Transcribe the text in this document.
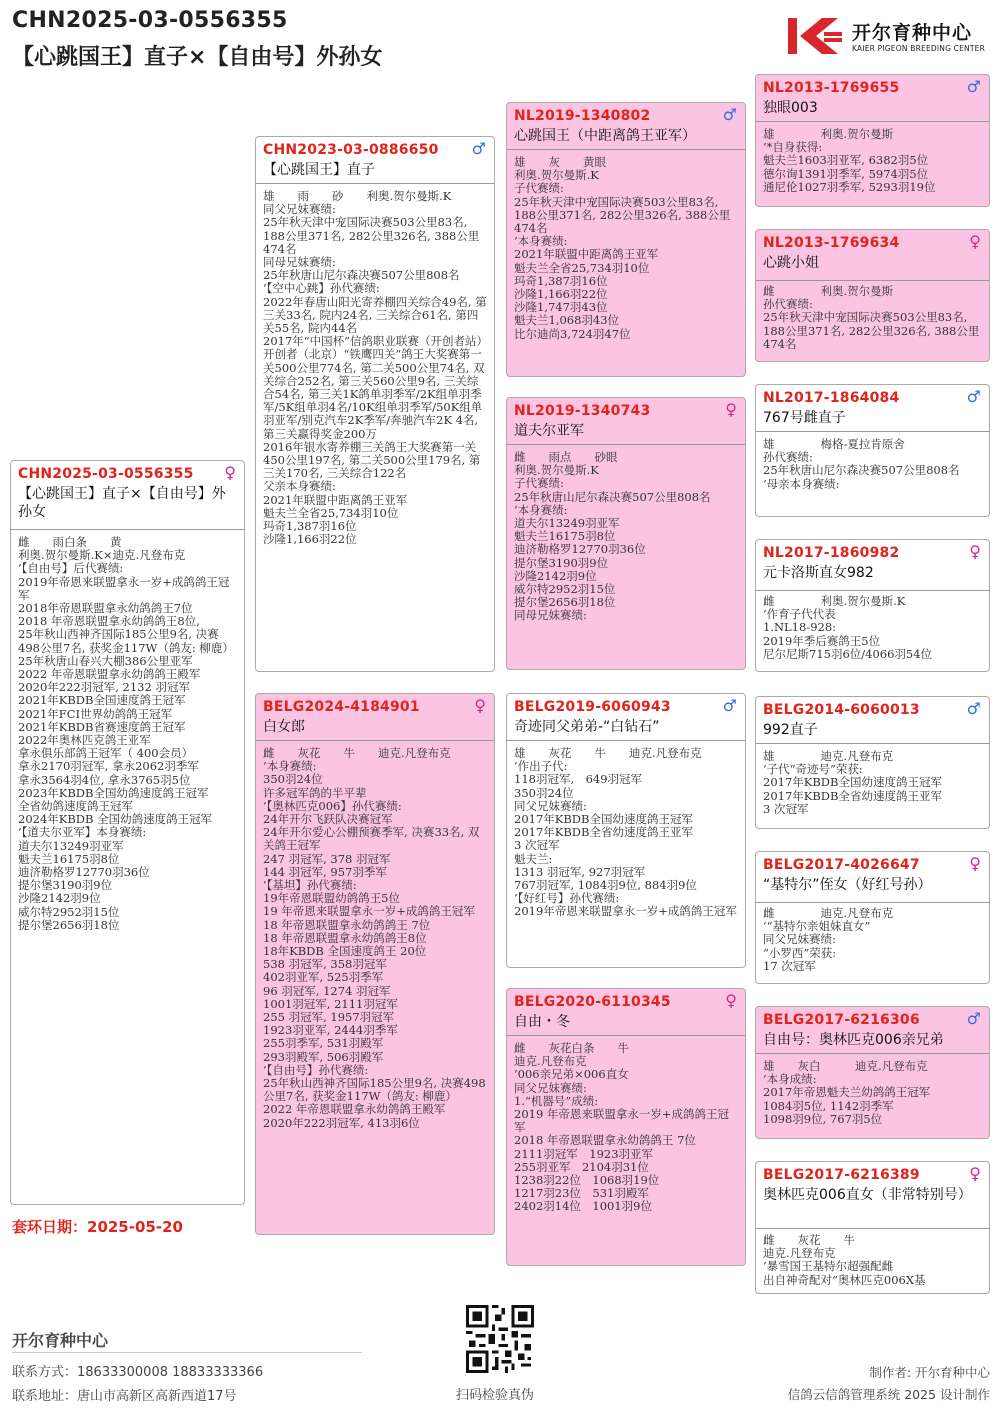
CHN2025-03-0556355
【心跳国王】直子×【自由号】外孙女
开尔育种中心
KAIER PIGEON BREEDING CENTER
CHN2025-03-0556355 ♀
【心跳国王】直子×【自由号】外孙女
雌　　雨白条　　黄
利奥.贺尔曼斯.K×迪克.凡登布克
’【自由号】后代赛绩:
2019年帝恩来联盟拿永一岁+成鸽鸽王冠军
2018年帝恩联盟拿永幼鸽鸽王7位
2018 年帝恩联盟拿永幼鸽鸽王8位,
25年秋山西神齐国际185公里9名, 决赛498公里7名, 获奖金117W（鸽友: 柳鹿）
25年秋唐山春兴大棚386公里亚军
2022 年帝恩联盟拿永幼鸽鸽王殿军
2020年222羽冠军, 2132 羽冠军
2021年KBDB全国速度鸽王冠军
2021年FCI世界幼鸽鸽王冠军
2021年KBDB省赛速度鸽王冠军
2022年奥林匹克鸽王亚军
拿永俱乐部鸽王冠军（ 400会员）
拿永2170羽冠军, 拿永2062羽季军
拿永3564羽4位, 拿永3765羽5位
2023年KBDB全国幼鸽速度鸽王冠军
全省幼鸽速度鸽王冠军
2024年KBDB 全国幼鸽速度鸽王冠军
’【道夫尔亚军】本身赛绩:
道夫尔13249羽亚军
魁夫兰16175羽8位
迪济勒格罗12770羽36位
提尔堡3190羽9位
沙隆2142羽9位
威尔特2952羽15位
提尔堡2656羽18位
CHN2023-03-0886650 ♂
【心跳国王】直子
雄　　雨　　砂　　利奥.贺尔曼斯.K
同父兄妹赛绩:
25年秋天津中宠国际决赛503公里83名, 188公里371名, 282公里326名, 388公里474名
同母兄妹赛绩:
25年秋唐山尼尔森决赛507公里808名
’【空中心跳】孙代赛绩:
2022年春唐山阳光寄养棚四关综合49名, 第三关33名, 院内24名, 三关综合61名, 第四关55名, 院内44名
2017年“中国杯”信鸽职业联赛（开创者站）开创者（北京）“铁鹰四关”鸽王大奖赛第一关500公里774名, 第二关500公里74名, 双关综合252名, 第三关560公里9名, 三关综合54名, 第三关1K鸽单羽季军/2K组单羽季军/5K组单羽4名/10K组单羽季军/50K组单羽亚军/别克汽车2K季军/奔驰汽车2K 4名, 第三关赢得奖金200万
2016年银水寄养棚三关鸽王大奖赛第一关450公里197名, 第二关500公里179名, 第三关170名, 三关综合122名
父亲本身赛绩:
2021年联盟中距离鸽王亚军
魁夫兰全省25,734羽10位
玛奇1,387羽16位
沙隆1,166羽22位
BELG2024-4184901	♀
白女郎
雌　　灰花　　牛　　迪克.凡登布克
’本身赛绩:
350羽24位
许多冠军鸽的半平辈
’【奥林匹克006】孙代赛绩:
24年开尔飞跃队决赛冠军
24年开尔爱心公棚预赛季军, 决赛33名, 双关鸽王冠军
247 羽冠军, 378 羽冠军
144 羽冠军, 957羽季军
’【基坦】孙代赛绩:
19年帝恩联盟幼鸽鸽王5位
19 年帝恩来联盟拿永一岁+成鸽鸽王冠军
18 年帝恩联盟拿永幼鸽鸽王 7位
18 年帝恩联盟拿永幼鸽鸽王8位
18年KBDB 全国速度鸽王 20位
538 羽冠军, 358羽冠军
402羽亚军, 525羽季军
96 羽冠军, 1274 羽冠军
1001羽冠军, 2111羽冠军
255 羽冠军, 1957羽冠军
1923羽亚军, 2444羽季军
255羽季军, 531羽殿军
293羽殿军, 506羽殿军
’【自由号】孙代赛绩:
25年秋山西神齐国际185公里9名, 决赛498公里7名, 获奖金117W（鸽友: 柳鹿）
2022 年帝恩联盟拿永幼鸽鸽王殿军
2020年222羽冠军, 413羽6位
NL2019-1340802	♂
心跳国王（中距离鸽王亚军）
雄　　灰　　黄眼
利奥.贺尔曼斯.K
子代赛绩:
25年秋天津中宠国际决赛503公里83名, 188公里371名, 282公里326名, 388公里474名
’本身赛绩:
2021年联盟中距离鸽王亚军
魁夫兰全省25,734羽10位
玛奇1,387羽16位
沙隆1,166羽22位
沙隆1,747羽43位
魁夫兰1,068羽43位
比尔迪尚3,724羽47位
NL2019-1340743	♀
道夫尔亚军
雌　　雨点　　砂眼
利奥.贺尔曼斯.K
子代赛绩:
25年秋唐山尼尔森决赛507公里808名
’本身赛绩:
道夫尔13249羽亚军
魁夫兰16175羽8位
迪济勒格罗12770羽36位
提尔堡3190羽9位
沙隆2142羽9位
威尔特2952羽15位
提尔堡2656羽18位
同母兄妹赛绩:
BELG2019-6060943	♂
奇迹同父弟弟-“白钻石”
雄　　灰花　　牛　　迪克.凡登布克
’作出子代:
118羽冠军,　649羽冠军
350羽24位
同父兄妹赛绩:
2017年KBDB全国幼速度鸽王冠军
2017年KBDB全省幼速度鸽王亚军
3 次冠军
魁夫兰:
1313 羽冠军, 927羽冠军
767羽冠军, 1084羽9位, 884羽9位
’【好红号】孙代赛绩:
2019年帝恩来联盟拿永一岁+成鸽鸽王冠军
BELG2020-6110345	♀
自由・冬
雌　　灰花白条　　牛
迪克.凡登布克
’006亲兄弟×006直女
同父兄妹赛绩:
1.“机器号”成绩:
2019 年帝恩来联盟拿永一岁+成鸽鸽王冠军
2018 年帝恩联盟拿永幼鸽鸽王 7位
2111羽冠军　1923羽亚军
255羽亚军　2104羽31位
1238羽22位　1068羽19位
1217羽23位　531羽殿军
2402羽14位　1001羽9位
NL2013-1769655	♂
独眼003
雄　　　　利奥.贺尔曼斯
’*自身获得:
魁夫兰1603羽亚军, 6382羽5位
德尔询1391羽季军, 5974羽5位
通尼伦1027羽季军, 5293羽19位
NL2013-1769634	♀
心跳小姐
雌　　　　利奥.贺尔曼斯
孙代赛绩:
25年秋天津中宠国际决赛503公里83名, 188公里371名, 282公里326名, 388公里474名
NL2017-1864084	♂
767号雌直子
雄　　　　梅格-夏拉肯原舍
孙代赛绩:
25年秋唐山尼尔森决赛507公里808名
’母亲本身赛绩:
NL2017-1860982	♀
元卡洛斯直女982
雌　　　　利奥.贺尔曼斯.K
’作育子代代表
1.NL18-928:
2019年季后赛鸽王5位
尼尔尼斯715羽6位/4066羽54位
BELG2014-6060013	♂
992直子
雄　　　　迪克.凡登布克
’子代“奇迹号”荣获:
2017年KBDB全国幼速度鸽王冠军
2017年KBDB全省幼速度鸽王亚军
3 次冠军
BELG2017-4026647	♀
“基特尔”侄女（好红号孙）
雌　　　　迪克.凡登布克
’“基特尔亲姐妹直女”
同父兄妹赛绩:
“小罗西”荣获:
17 次冠军
BELG2017-6216306	♂
自由号：奥林匹克006亲兄弟
雄　　灰白　　　迪克.凡登布克
’本身成绩:
2017年帝恩魁夫兰幼鸽鸽王冠军
1084羽5位, 1142羽季军
1098羽9位, 767羽5位
BELG2017-6216389	♀
奥林匹克006直女（非常特别号）
雌　　灰花　　牛
迪克.凡登布克
’暴雪国王基特尔超强配雌
出自神奇配对“奥林匹克006X基
套环日期：2025-05-20
开尔育种中心
联系方式：18633300008 18833333366
联系地址：唐山市高新区高新西道17号	扫码检验真伪
制作者: 开尔育种中心
信鸽云信鸽管理系统 2025 设计制作
